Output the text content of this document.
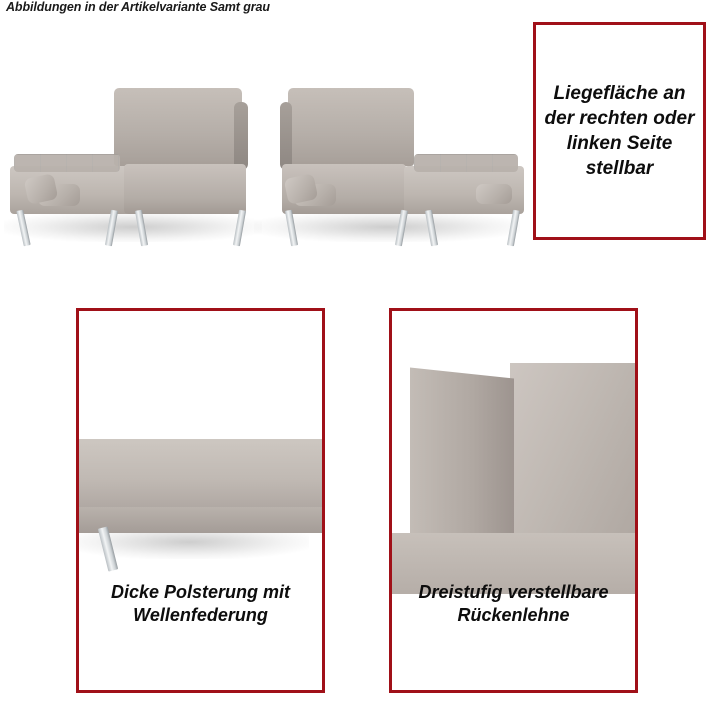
Abbildungen in der Artikelvariante Samt grau
Liegefläche an der rechten oder linken Seite stellbar
Dicke Polsterung mit Wellenfederung
Dreistufig verstellbare Rückenlehne
